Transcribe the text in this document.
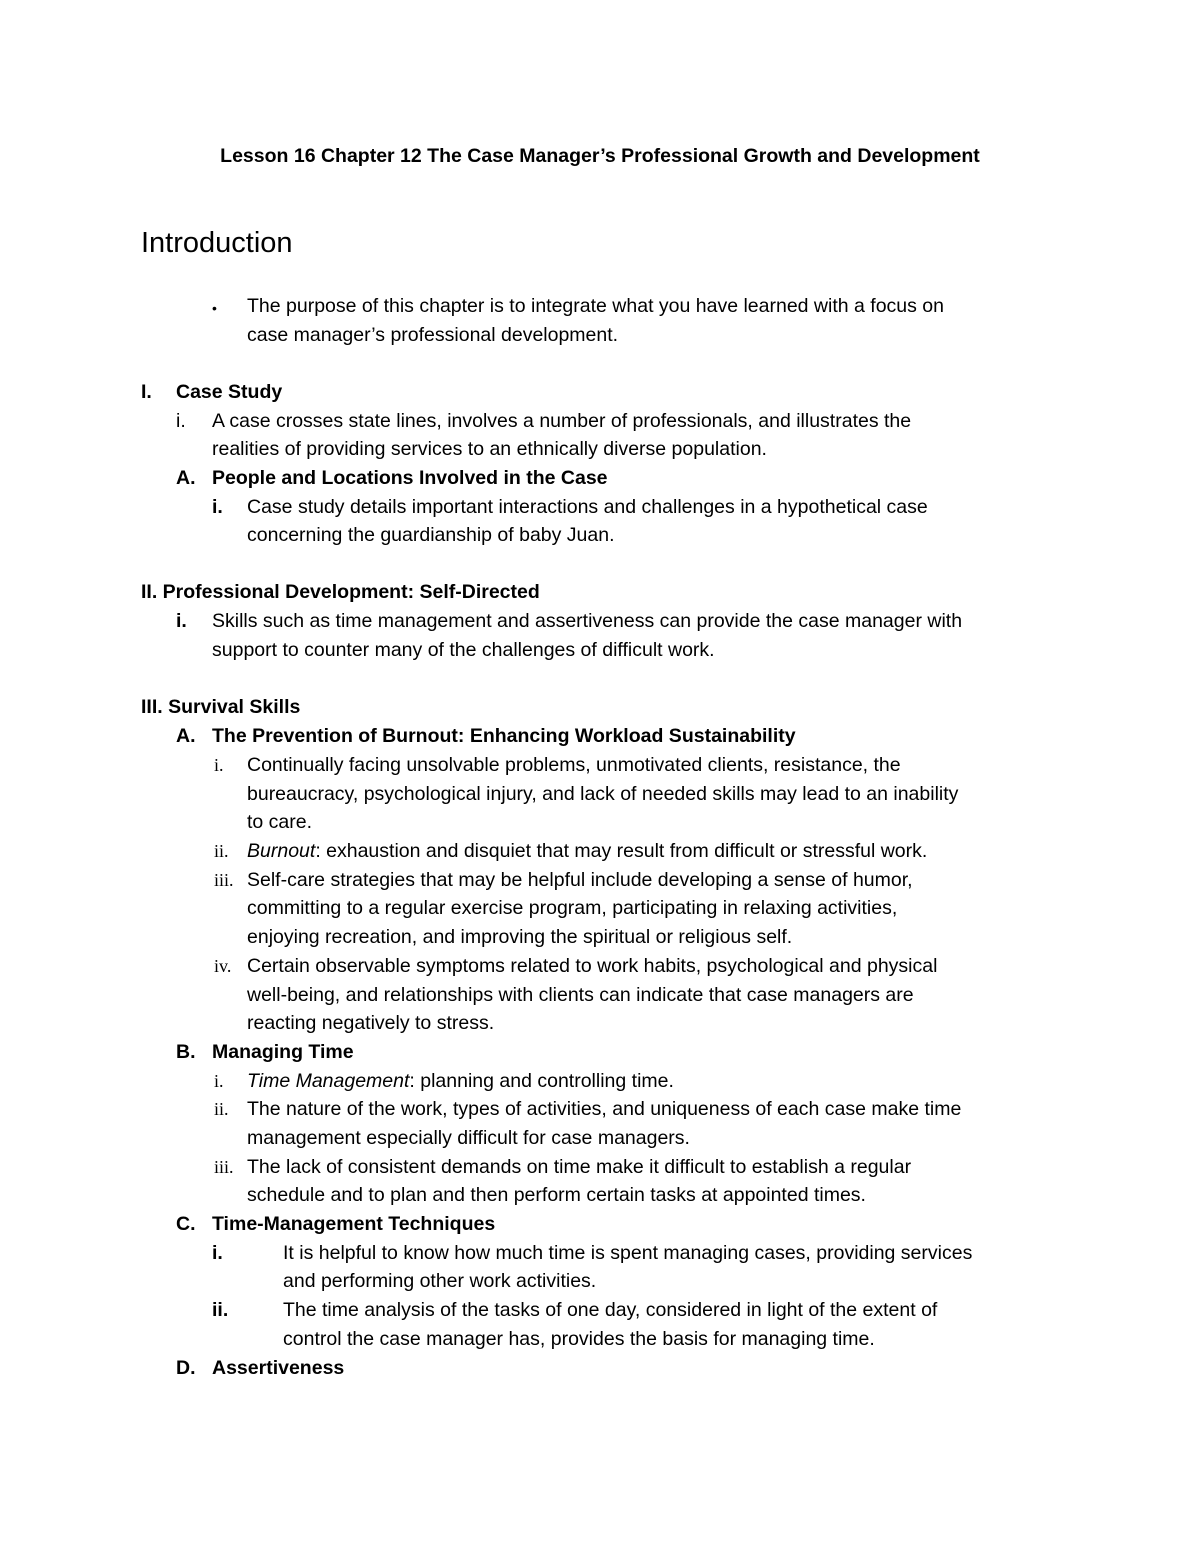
Lesson 16 Chapter 12 The Case Manager’s Professional Growth and Development
Introduction
• The purpose of this chapter is to integrate what you have learned with a focus on
case manager’s professional development.
I. Case Study
i. A case crosses state lines, involves a number of professionals, and illustrates the
realities of providing services to an ethnically diverse population.
A. People and Locations Involved in the Case
i. Case study details important interactions and challenges in a hypothetical case
concerning the guardianship of baby Juan.
II. Professional Development: Self-Directed
i. Skills such as time management and assertiveness can provide the case manager with
support to counter many of the challenges of difficult work.
III. Survival Skills
A. The Prevention of Burnout: Enhancing Workload Sustainability
i. Continually facing unsolvable problems, unmotivated clients, resistance, the
bureaucracy, psychological injury, and lack of needed skills may lead to an inability
to care.
ii. Burnout: exhaustion and disquiet that may result from difficult or stressful work.
iii. Self-care strategies that may be helpful include developing a sense of humor,
committing to a regular exercise program, participating in relaxing activities,
enjoying recreation, and improving the spiritual or religious self.
iv. Certain observable symptoms related to work habits, psychological and physical
well-being, and relationships with clients can indicate that case managers are
reacting negatively to stress.
B. Managing Time
i. Time Management: planning and controlling time.
ii. The nature of the work, types of activities, and uniqueness of each case make time
management especially difficult for case managers.
iii. The lack of consistent demands on time make it difficult to establish a regular
schedule and to plan and then perform certain tasks at appointed times.
C. Time-Management Techniques
i.	It is helpful to know how much time is spent managing cases, providing services
and performing other work activities.
ii.	The time analysis of the tasks of one day, considered in light of the extent of
control the case manager has, provides the basis for managing time.
D. Assertiveness
